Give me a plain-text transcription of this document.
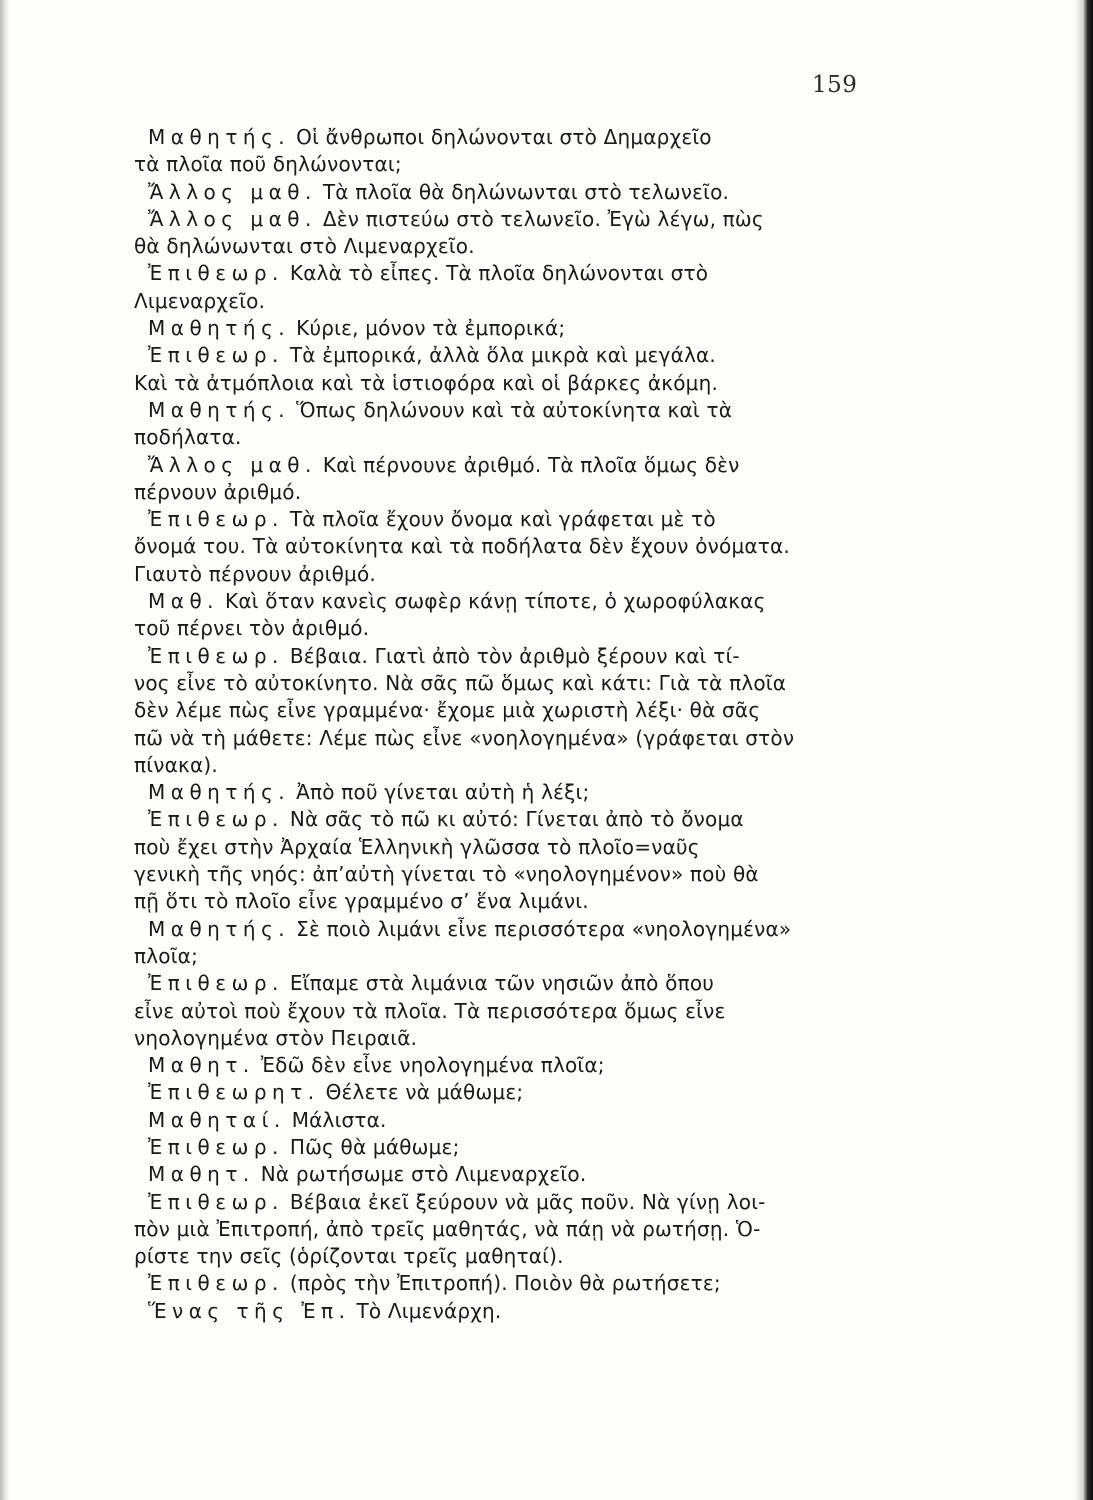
159
Μαθητής. Οἱ ἄνθρωποι δηλώνονται στὸ Δημαρχεῖο
τὰ πλοῖα ποῦ δηλώνονται;
Ἄλλος μαθ. Τὰ πλοῖα θὰ δηλώνωνται στὸ τελωνεῖο.
Ἄλλος μαθ. Δὲν πιστεύω στὸ τελωνεῖο. Ἐγὼ λέγω, πὼς
θὰ δηλώνωνται στὸ Λιμεναρχεῖο.
Ἐπιθεωρ. Καλὰ τὸ εἶπες. Τὰ πλοῖα δηλώνονται στὸ
Λιμεναρχεῖο.
Μαθητής. Κύριε, μόνον τὰ ἐμπορικά;
Ἐπιθεωρ. Τὰ ἐμπορικά, ἀλλὰ ὅλα μικρὰ καὶ μεγάλα.
Καὶ τὰ ἀτμόπλοια καὶ τὰ ἱστιοφόρα καὶ οἱ βάρκες ἀκόμη.
Μαθητής. Ὅπως δηλώνουν καὶ τὰ αὐτοκίνητα καὶ τὰ
ποδήλατα.
Ἄλλος μαθ. Καὶ πέρνουνε ἀριθμό. Τὰ πλοῖα ὅμως δὲν
πέρνουν ἀριθμό.
Ἐπιθεωρ. Τὰ πλοῖα ἔχουν ὄνομα καὶ γράφεται μὲ τὸ
ὄνομά του. Τὰ αὐτοκίνητα καὶ τὰ ποδήλατα δὲν ἔχουν ὀνόματα.
Γιαυτὸ πέρνουν ἀριθμό.
Μαθ. Καὶ ὅταν κανεὶς σωφὲρ κάνῃ τίποτε, ὁ χωροφύλακας
τοῦ πέρνει τὸν ἀριθμό.
Ἐπιθεωρ. Βέβαια. Γιατὶ ἀπὸ τὸν ἀριθμὸ ξέρουν καὶ τί-
νος εἶνε τὸ αὐτοκίνητο. Νὰ σᾶς πῶ ὅμως καὶ κάτι: Γιὰ τὰ πλοῖα
δὲν λέμε πὼς εἶνε γραμμένα· ἔχομε μιὰ χωριστὴ λέξι· θὰ σᾶς
πῶ νὰ τὴ μάθετε: Λέμε πὼς εἶνε «νοηλογημένα» (γράφεται στὸν
πίνακα).
Μαθητής. Ἀπὸ ποῦ γίνεται αὐτὴ ἡ λέξι;
Ἐπιθεωρ. Νὰ σᾶς τὸ πῶ κι αὐτό: Γίνεται ἀπὸ τὸ ὄνομα
ποὺ ἔχει στὴν Ἀρχαία Ἑλληνικὴ γλῶσσα τὸ πλοῖο=ναῦς
γενικὴ τῆς νηός: ἀπ’αὐτὴ γίνεται τὸ «νηολογημένον» ποὺ θὰ
πῇ ὅτι τὸ πλοῖο εἶνε γραμμένο σ’ ἕνα λιμάνι.
Μαθητής. Σὲ ποιὸ λιμάνι εἶνε περισσότερα «νηολογημένα»
πλοῖα;
Ἐπιθεωρ. Εἴπαμε στὰ λιμάνια τῶν νησιῶν ἀπὸ ὅπου
εἶνε αὐτοὶ ποὺ ἔχουν τὰ πλοῖα. Τὰ περισσότερα ὅμως εἶνε
νηολογημένα στὸν Πειραιᾶ.
Μαθητ. Ἐδῶ δὲν εἶνε νηολογημένα πλοῖα;
Ἐπιθεωρητ. Θέλετε νὰ μάθωμε;
Μαθηταί. Μάλιστα.
Ἐπιθεωρ. Πῶς θὰ μάθωμε;
Μαθητ. Νὰ ρωτήσωμε στὸ Λιμεναρχεῖο.
Ἐπιθεωρ. Βέβαια ἐκεῖ ξεύρουν νὰ μᾶς ποῦν. Νὰ γίνῃ λοι-
πὸν μιὰ Ἐπιτροπή, ἀπὸ τρεῖς μαθητάς, νὰ πάῃ νὰ ρωτήσῃ. Ὁ-
ρίστε την σεῖς (ὁρίζονται τρεῖς μαθηταί).
Ἐπιθεωρ. (πρὸς τὴν Ἐπιτροπή). Ποιὸν θὰ ρωτήσετε;
Ἕνας τῆς Ἐπ. Τὸ Λιμενάρχη.
